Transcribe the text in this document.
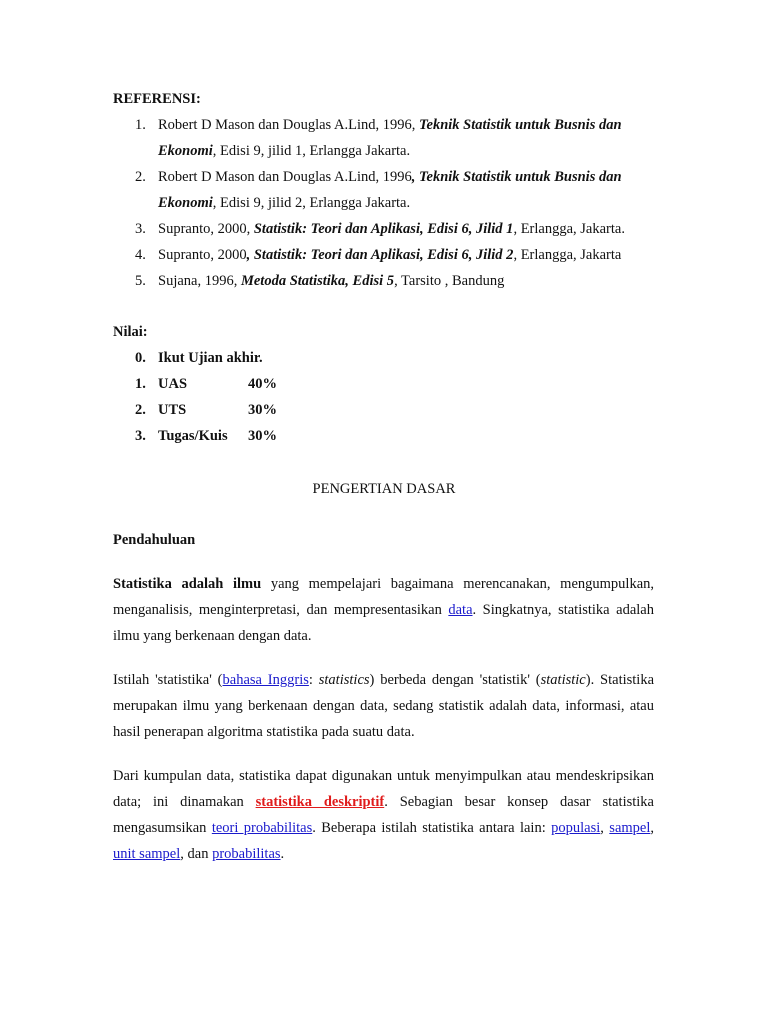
REFERENSI:
1. Robert D Mason dan Douglas A.Lind, 1996, Teknik Statistik untuk Busnis dan
Ekonomi, Edisi 9, jilid 1, Erlangga Jakarta.
2. Robert D Mason dan Douglas A.Lind, 1996, Teknik Statistik untuk Busnis dan
Ekonomi, Edisi 9, jilid 2, Erlangga Jakarta.
3. Supranto, 2000, Statistik: Teori dan Aplikasi, Edisi 6, Jilid 1, Erlangga, Jakarta.
4. Supranto, 2000, Statistik: Teori dan Aplikasi, Edisi 6, Jilid 2, Erlangga, Jakarta
5. Sujana, 1996, Metoda Statistika, Edisi 5, Tarsito , Bandung
Nilai:
0. Ikut Ujian akhir.
1. UAS	40%
2. UTS	30%
3. Tugas/Kuis 30%
PENGERTIAN DASAR
Pendahuluan
Statistika adalah ilmu yang mempelajari bagaimana merencanakan, mengumpulkan, menganalisis, menginterpretasi, dan mempresentasikan data. Singkatnya, statistika adalah ilmu yang berkenaan dengan data.
Istilah 'statistika' (bahasa Inggris: statistics) berbeda dengan 'statistik' (statistic). Statistika merupakan ilmu yang berkenaan dengan data, sedang statistik adalah data, informasi, atau hasil penerapan algoritma statistika pada suatu data.
Dari kumpulan data, statistika dapat digunakan untuk menyimpulkan atau mendeskripsikan data; ini dinamakan statistika deskriptif. Sebagian besar konsep dasar statistika mengasumsikan teori probabilitas. Beberapa istilah statistika antara lain: populasi, sampel, unit sampel, dan probabilitas.
